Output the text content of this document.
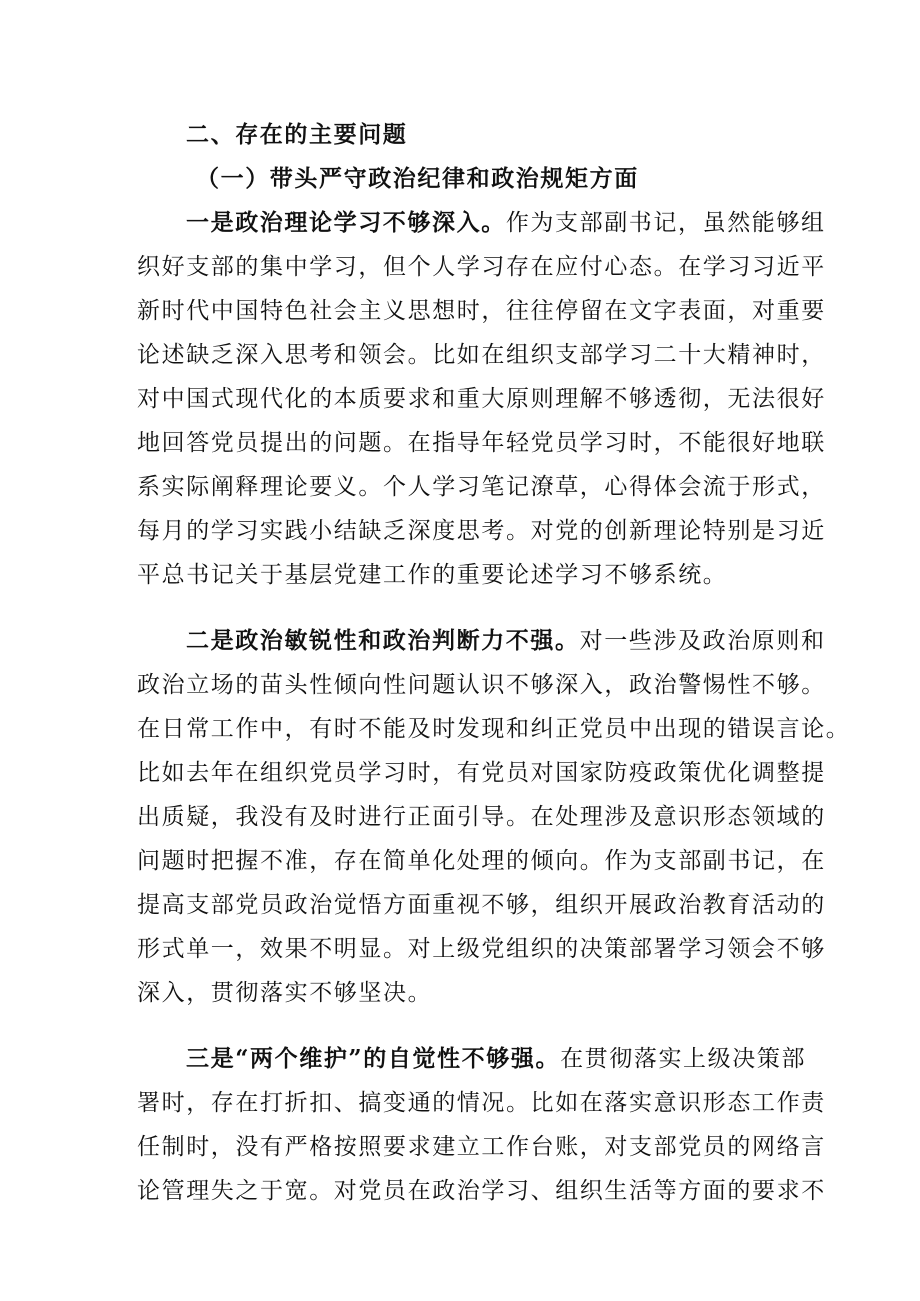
二、存在的主要问题
（一）带头严守政治纪律和政治规矩方面
一是政治理论学习不够深入。作为支部副书记，虽然能够组
织好支部的集中学习，但个人学习存在应付心态。在学习习近平
新时代中国特色社会主义思想时，往往停留在文字表面，对重要
论述缺乏深入思考和领会。比如在组织支部学习二十大精神时，
对中国式现代化的本质要求和重大原则理解不够透彻，无法很好
地回答党员提出的问题。在指导年轻党员学习时，不能很好地联
系实际阐释理论要义。个人学习笔记潦草，心得体会流于形式，
每月的学习实践小结缺乏深度思考。对党的创新理论特别是习近
平总书记关于基层党建工作的重要论述学习不够系统。
二是政治敏锐性和政治判断力不强。对一些涉及政治原则和
政治立场的苗头性倾向性问题认识不够深入，政治警惕性不够。
在日常工作中，有时不能及时发现和纠正党员中出现的错误言论。
比如去年在组织党员学习时，有党员对国家防疫政策优化调整提
出质疑，我没有及时进行正面引导。在处理涉及意识形态领域的
问题时把握不准，存在简单化处理的倾向。作为支部副书记，在
提高支部党员政治觉悟方面重视不够，组织开展政治教育活动的
形式单一，效果不明显。对上级党组织的决策部署学习领会不够
深入，贯彻落实不够坚决。
三是“两个维护”的自觉性不够强。在贯彻落实上级决策部
署时，存在打折扣、搞变通的情况。比如在落实意识形态工作责
任制时，没有严格按照要求建立工作台账，对支部党员的网络言
论管理失之于宽。对党员在政治学习、组织生活等方面的要求不
